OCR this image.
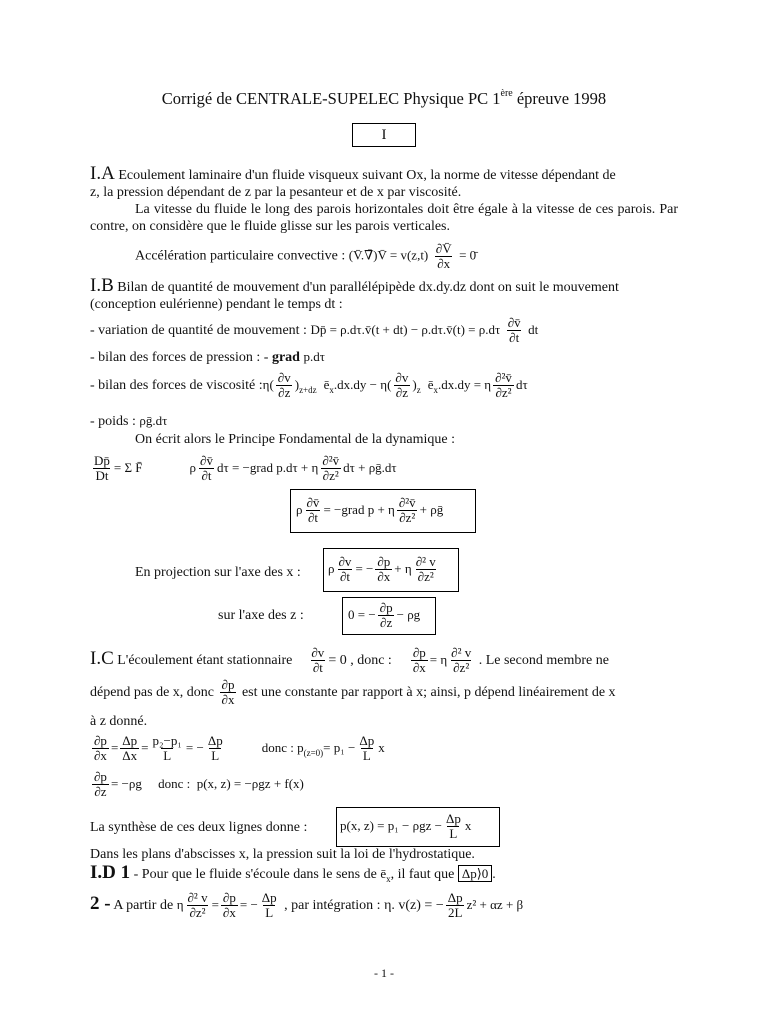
Corrigé de CENTRALE-SUPELEC Physique PC 1ère épreuve 1998
I
I.A Ecoulement laminaire d'un fluide visqueux suivant Ox, la norme de vitesse dépendant de
z, la pression dépendant de z par la pesanteur et de x par viscosité.
La vitesse du fluide le long des parois horizontales doit être égale à la vitesse de ces parois. Par contre, on considère que le fluide glisse sur les parois verticales.
Accélération particulaire convective : (V̄.∇̄)V̄ = $v(z,t) \frac{\partial V̄}{\partial x}$ = 0̄
I.B Bilan de quantité de mouvement d'un parallélépipède dx.dy.dz dont on suit le mouvement
(conception eulérienne) pendant le temps dt :
- variation de quantité de mouvement : Dp̄ = ρ.dτ.v̄(t + dt) − ρ.dτ.v̄(t) = $\rho.d\tau \frac{\partial v̄}{\partial t}$ dt
- bilan des forces de pression : - grad p.dτ
- bilan des forces de viscosité :η( $\frac{\partial v}{\partial z} )_{z+dz}$ $ē_x.dx.dy - \eta( \frac{\partial v}{\partial z} )_z$ $ē_x.dx.dy = \eta \frac{\text{∂²v̄}}{\text{∂z²}}$ dτ
- poids : ρḡ.dτ
On écrit alors le Principe Fondamental de la dynamique :
$\frac{Dp̄}{Dt} = \Sigma$ F̄	ρ $\frac{\partial v̄}{\partial t}$ dτ = −grad p.dτ + η $\frac{\text{∂²v̄}}{\text{∂z²}}$ dτ + ρḡ.dτ
ρ $\frac{\partial v̄}{\partial t}$ = −grad p + η $\frac{\text{∂²v̄}}{\text{∂z²}}$ + ρḡ
En projection sur l'axe des x : ρ $\frac{\partial v}{\partial t}$ = − $\frac{\partial p}{\partial x} + \eta \frac{\text{∂² v}}{\text{∂z²}}$
sur l'axe des z :	0 = − $\frac{\partial p}{\partial z} - \rho g$
I.C L'écoulement étant stationnaire $\frac{\partial v}{\partial t} = 0$ , donc : $\frac{\partial p}{\partial x} = \eta \frac{\text{∂² v}}{\text{∂z²}}$ . Le second membre ne
dépend pas de x, donc $\frac{\partial p}{\partial x}$ est une constante par rapport à x; ainsi, p dépend linéairement de x
à z donné.
$\frac{\partial p}{\partial x} = \frac{\Delta p}{\Delta x} = \frac{\text{p₂−p₁}}{L}$ = − $\frac{\Delta p}{L}$	donc : $p_{(z=0)}= p_1 - \frac{\Delta p}{L}$ x
$\frac{\partial p}{\partial z} = -\rho g$     donc :  p(x, z) = −ρgz + f(x)
La synthèse de ces deux lignes donne :	p(x, $z) = p_1 - \rho gz - \frac{\Delta p}{L}$ x
Dans les plans d'abscisses x, la pression suit la loi de l'hydrostatique.
I.D 1 - Pour que le fluide s'écoule dans le sens de $ē_x$, il faut que Δp⟩0 .
2 - A partir de η $\frac{\text{∂² v}}{\text{∂z²}} = \frac{\partial p}{\partial x}$ = − $\frac{\Delta p}{L}$ , par intégration : η. v(z) = − $\frac{\Delta p}{2L} z^2 + \alpha z + \beta$
- 1 -
